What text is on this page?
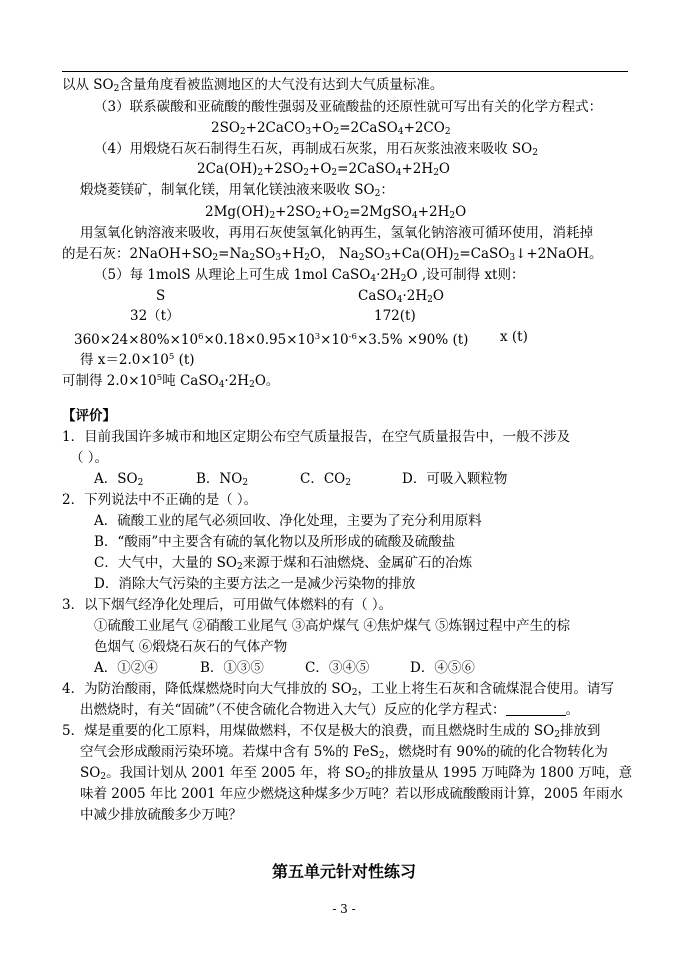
以从 $SO_2$含量角度看被监测地区的大气没有达到大气质量标准。
（3）联系碳酸和亚硫酸的酸性强弱及亚硫酸盐的还原性就可写出有关的化学方程式：
$2SO_2+2CaCO_3+O_2=2CaSO_4+2CO_2$
（4）用煅烧石灰石制得生石灰，再制成石灰浆，用石灰浆浊液来吸收 $SO_2$
$2Ca(OH)_2+2SO_2+O_2=2CaSO_4+2H_2O$
煅烧菱镁矿，制氧化镁，用氧化镁浊液来吸收 $SO_2$：
$2Mg(OH)_2+2SO_2+O_2=2MgSO_4+2H_2O$
用氢氧化钠溶液来吸收，再用石灰使氢氧化钠再生，氢氧化钠溶液可循环使用，消耗掉
的是石灰：$2NaOH+SO_2=Na_2SO_3+H_2O$， $Na_2SO_3+Ca(OH)_2=CaSO_3↓+2NaOH$。
（5）每 1molS 从理论上可生成 1mol $CaSO_4\cdot 2H_2O$ ,设可制得 xt则：
S	$CaSO_4\cdot 2H_2O$
32（t）	172(t)
$360\times 24\times 80\%\times 10^6\times 0.18\times 0.95\times 10^3\times 10^{-6}\times 3.5\% \times 90\%$ (t) x (t)
得 $x=2.0\times 10^5$ (t)
可制得 $2.0\times 10^5$吨 $CaSO_4\cdot 2H_2O$。
【评价】
1．目前我国许多城市和地区定期公布空气质量报告，在空气质量报告中，一般不涉及
（ ）。
A．$SO_2$	B．$NO_2$	C．$CO_2$	D．可吸入颗粒物
2．下列说法中不正确的是（ ）。
A．硫酸工业的尾气必须回收、净化处理，主要为了充分利用原料
B．“酸雨”中主要含有硫的氧化物以及所形成的硫酸及硫酸盐
C．大气中，大量的 $SO_2$来源于煤和石油燃烧、金属矿石的冶炼
D．消除大气污染的主要方法之一是减少污染物的排放
3．以下烟气经净化处理后，可用做气体燃料的有（ ）。
①硫酸工业尾气 ②硝酸工业尾气 ③高炉煤气 ④焦炉煤气 ⑤炼钢过程中产生的棕
色烟气 ⑥煅烧石灰石的气体产物
A．①②④	B．①③⑤	C．③④⑤	D．④⑤⑥
4．为防治酸雨，降低煤燃烧时向大气排放的 $SO_2$，工业上将生石灰和含硫煤混合使用。请写
出燃烧时，有关“固硫”（不使含硫化合物进入大气）反应的化学方程式：	。
5．煤是重要的化工原料，用煤做燃料，不仅是极大的浪费，而且燃烧时生成的 $SO_2$排放到
空气会形成酸雨污染环境。若煤中含有 5%的 FeS$_2$，燃烧时有 90%的硫的化合物转化为
$SO_2$。我国计划从 2001 年至 2005 年，将 $SO_2$的排放量从 1995 万吨降为 1800 万吨，意
味着 2005 年比 2001 年应少燃烧这种煤多少万吨？若以形成硫酸酸雨计算，2005 年雨水
中减少排放硫酸多少万吨？
第五单元针对性练习
- 3 -
